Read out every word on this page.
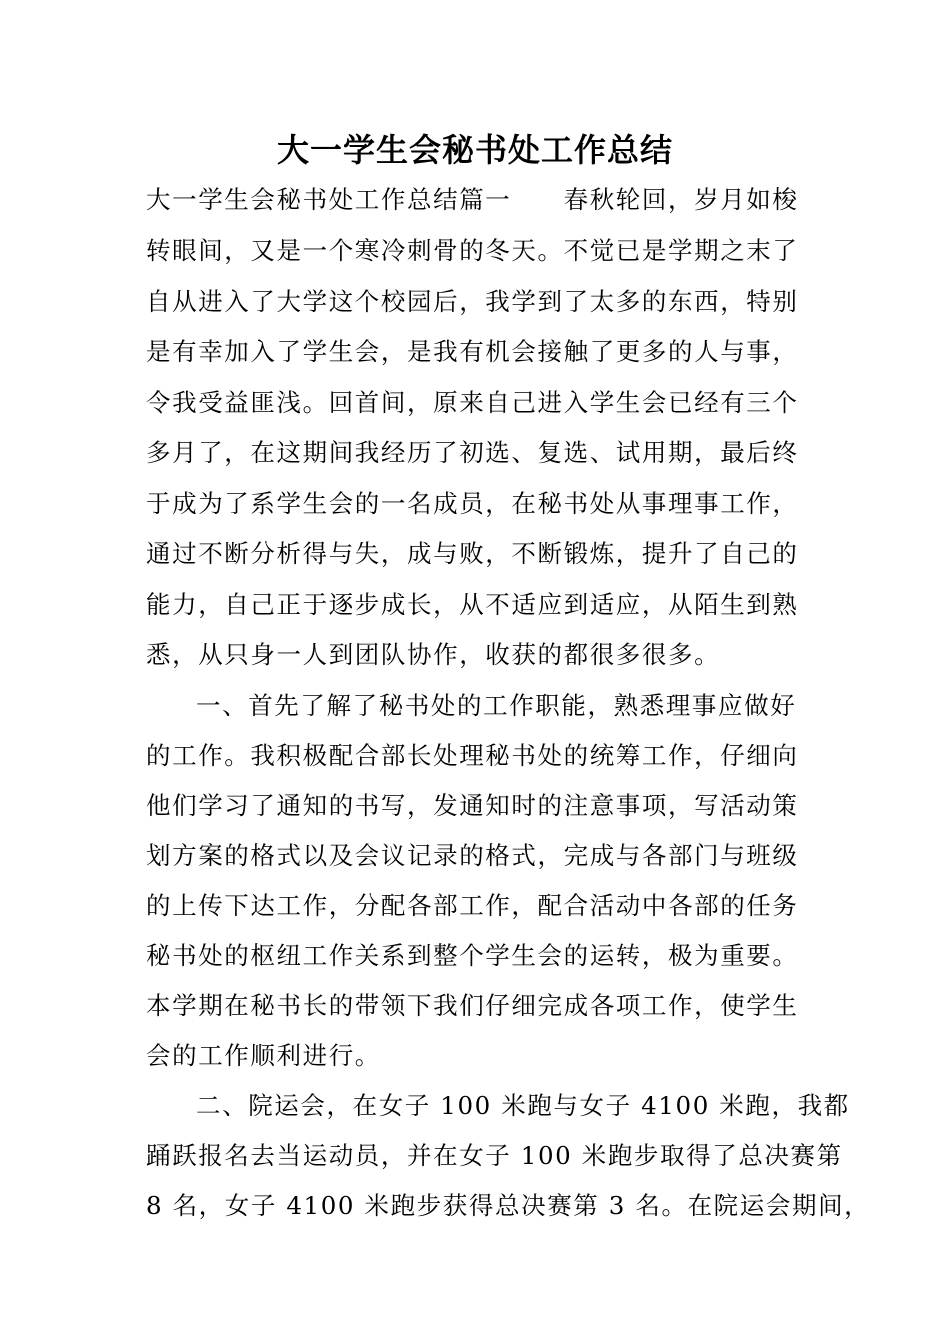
大一学生会秘书处工作总结
大一学生会秘书处工作总结篇一　　春秋轮回，岁月如梭
转眼间，又是一个寒冷刺骨的冬天。不觉已是学期之末了
自从进入了大学这个校园后，我学到了太多的东西，特别
是有幸加入了学生会，是我有机会接触了更多的人与事，
令我受益匪浅。回首间，原来自己进入学生会已经有三个
多月了，在这期间我经历了初选、复选、试用期，最后终
于成为了系学生会的一名成员，在秘书处从事理事工作，
通过不断分析得与失，成与败，不断锻炼，提升了自己的
能力，自己正于逐步成长，从不适应到适应，从陌生到熟
悉，从只身一人到团队协作，收获的都很多很多。
一、首先了解了秘书处的工作职能，熟悉理事应做好
的工作。我积极配合部长处理秘书处的统筹工作，仔细向
他们学习了通知的书写，发通知时的注意事项，写活动策
划方案的格式以及会议记录的格式，完成与各部门与班级
的上传下达工作，分配各部工作，配合活动中各部的任务
秘书处的枢纽工作关系到整个学生会的运转，极为重要。
本学期在秘书长的带领下我们仔细完成各项工作，使学生
会的工作顺利进行。
二、院运会，在女子 100 米跑与女子 4100 米跑，我都
踊跃报名去当运动员，并在女子 100 米跑步取得了总决赛第
8 名，女子 4100 米跑步获得总决赛第 3 名。在院运会期间，
